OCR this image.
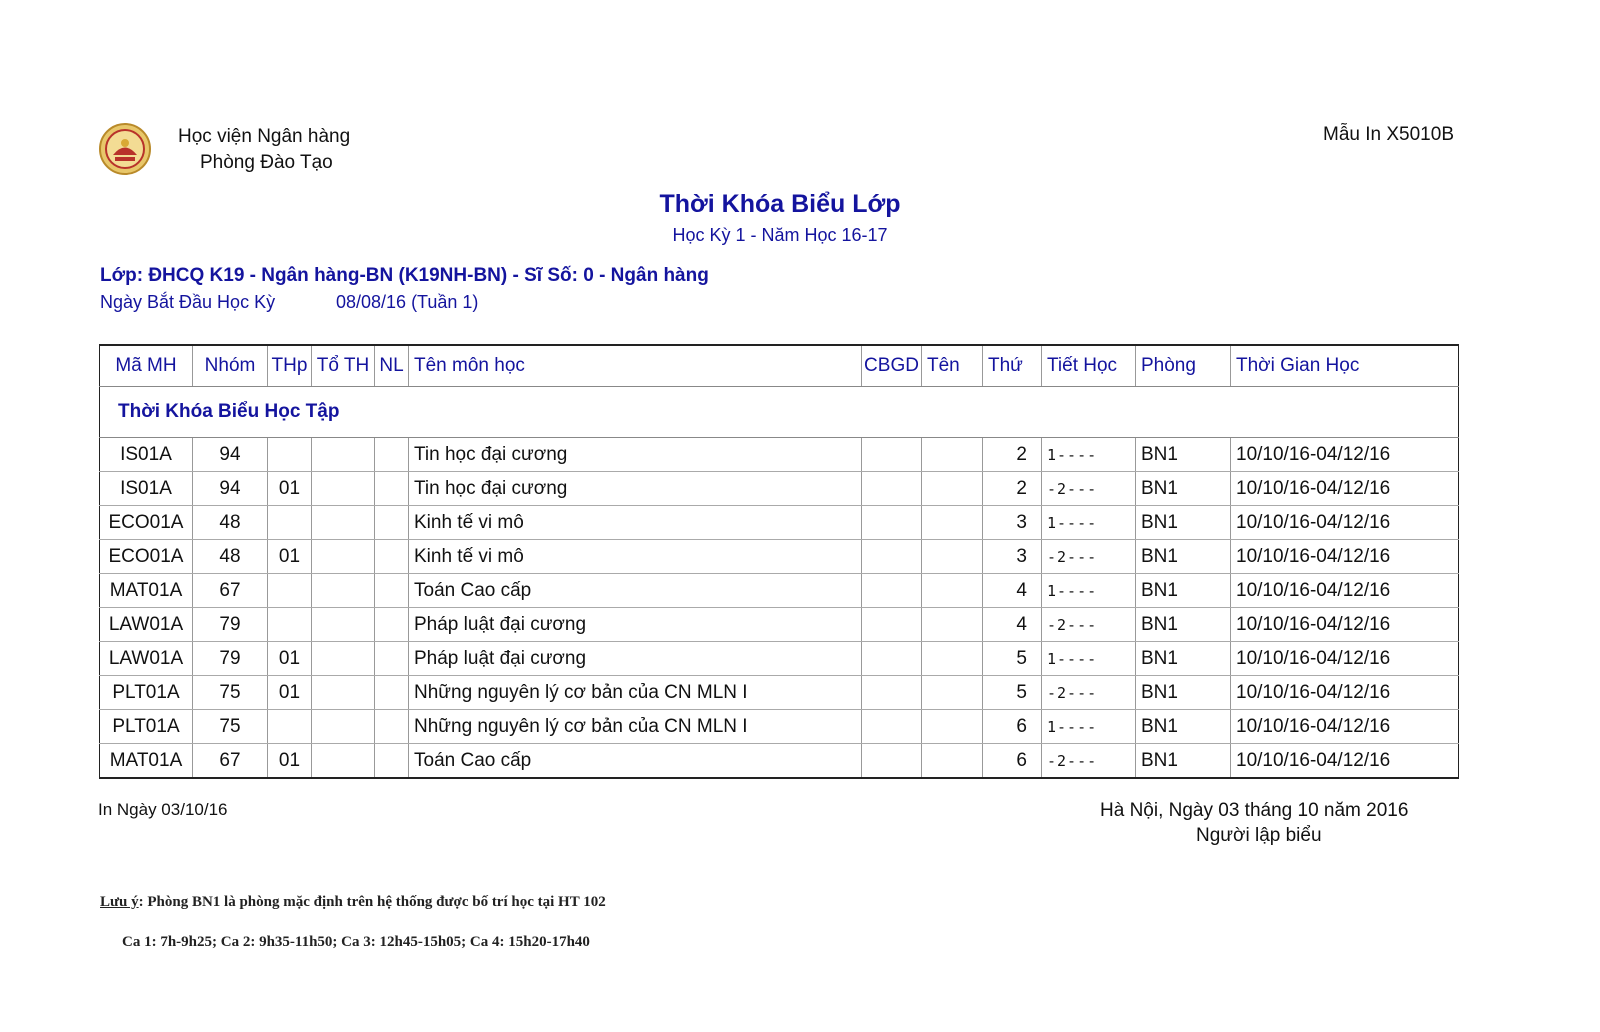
Học viện Ngân hàng
Phòng Đào Tạo
Mẫu In X5010B
Thời Khóa Biểu Lớp
Học Kỳ 1 - Năm Học 16-17
Lớp: ĐHCQ K19 - Ngân hàng-BN (K19NH-BN) - Sĩ Số: 0 - Ngân hàng
Ngày Bắt Đầu Học Kỳ	08/08/16 (Tuần 1)
Mã MH	Nhóm	THp	Tổ TH	NL	Tên môn học	CBGD	Tên	Thứ	Tiết Học	Phòng	Thời Gian Học
Thời Khóa Biểu Học Tập											
IS01A	94				Tin học đại cương			2	1----	BN1	10/10/16-04/12/16
IS01A	94	01			Tin học đại cương			2	-2---	BN1	10/10/16-04/12/16
ECO01A	48				Kinh tế vi mô			3	1----	BN1	10/10/16-04/12/16
ECO01A	48	01			Kinh tế vi mô			3	-2---	BN1	10/10/16-04/12/16
MAT01A	67				Toán Cao cấp			4	1----	BN1	10/10/16-04/12/16
LAW01A	79				Pháp luật đại cương			4	-2---	BN1	10/10/16-04/12/16
LAW01A	79	01			Pháp luật đại cương			5	1----	BN1	10/10/16-04/12/16
PLT01A	75	01			Những nguyên lý cơ bản của CN MLN I			5	-2---	BN1	10/10/16-04/12/16
PLT01A	75				Những nguyên lý cơ bản của CN MLN I			6	1----	BN1	10/10/16-04/12/16
MAT01A	67	01			Toán Cao cấp			6	-2---	BN1	10/10/16-04/12/16
In Ngày 03/10/16	Hà Nội, Ngày 03 tháng 10 năm 2016
Người lập biểu
Lưu ý: Phòng BN1 là phòng mặc định trên hệ thống được bố trí học tại HT 102
Ca 1: 7h-9h25; Ca 2: 9h35-11h50; Ca 3: 12h45-15h05; Ca 4: 15h20-17h40
